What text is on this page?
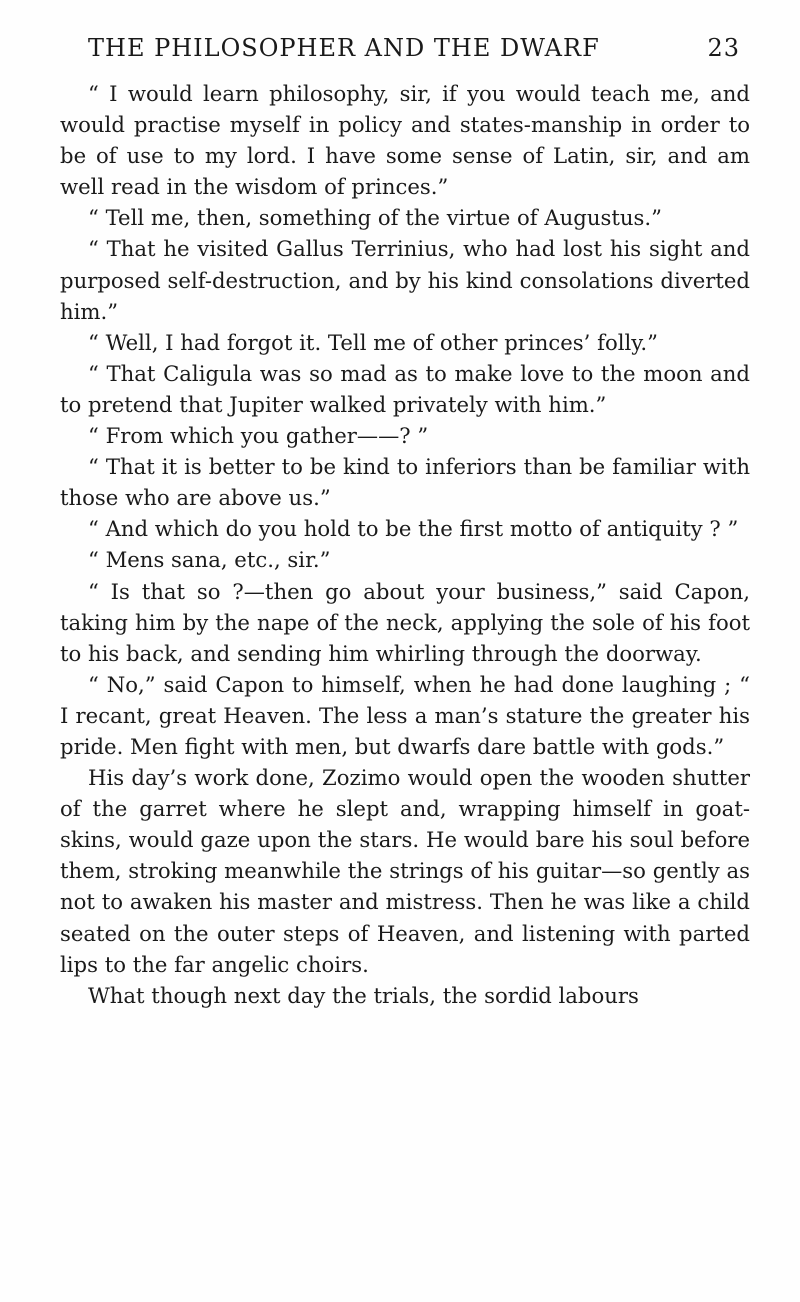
THE PHILOSOPHER AND THE DWARF	23

“ I would learn philosophy, sir, if you would teach me, and would practise myself in policy and states-manship in order to be of use to my lord. I have some sense of Latin, sir, and am well read in the wisdom of princes.”

“ Tell me, then, something of the virtue of Augustus.”

“ That he visited Gallus Terrinius, who had lost his sight and purposed self-destruction, and by his kind consolations diverted him.”

“ Well, I had forgot it. Tell me of other princes’ folly.”

“ That Caligula was so mad as to make love to the moon and to pretend that Jupiter walked privately with him.”

“ From which you gather——? ”

“ That it is better to be kind to inferiors than be familiar with those who are above us.”

“ And which do you hold to be the first motto of antiquity ? ”

“ Mens sana, etc., sir.”

“ Is that so ?—then go about your business,” said Capon, taking him by the nape of the neck, applying the sole of his foot to his back, and sending him whirling through the doorway.

“ No,” said Capon to himself, when he had done laughing ; “ I recant, great Heaven. The less a man’s stature the greater his pride. Men fight with men, but dwarfs dare battle with gods.”

His day’s work done, Zozimo would open the wooden shutter of the garret where he slept and, wrapping himself in goat-skins, would gaze upon the stars. He would bare his soul before them, stroking meanwhile the strings of his guitar—so gently as not to awaken his master and mistress. Then he was like a child seated on the outer steps of Heaven, and listening with parted lips to the far angelic choirs.

What though next day the trials, the sordid labours
